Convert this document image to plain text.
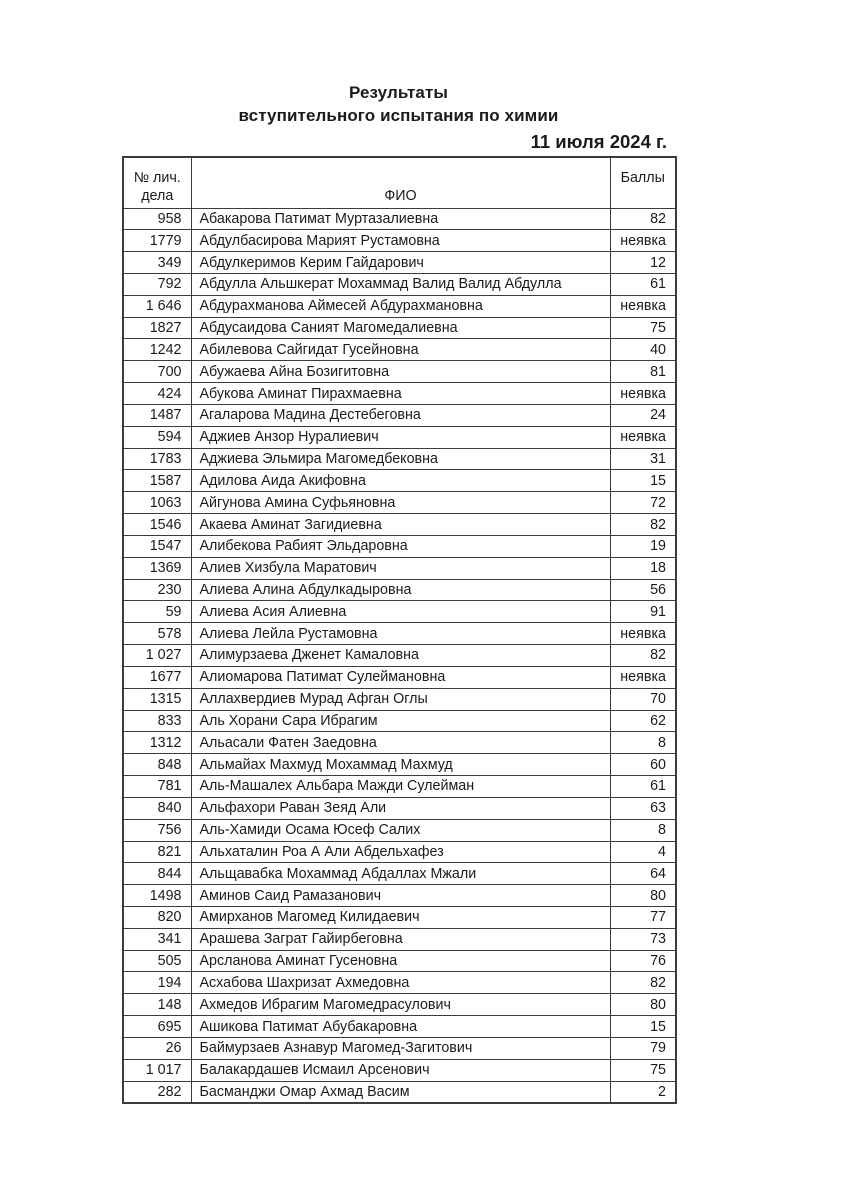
Результаты
вступительного испытания по химии
11 июля 2024 г.
№ лич.
дела	ФИО	Баллы
958	Абакарова Патимат Муртазалиевна	82
1779	Абдулбасирова Марият Рустамовна	неявка
349	Абдулкеримов Керим Гайдарович	12
792	Абдулла Альшкерат Мохаммад Валид Валид Абдулла	61
1 646	Абдурахманова Аймесей Абдурахмановна	неявка
1827	Абдусаидова Саният Магомедалиевна	75
1242	Абилевова Сайгидат Гусейновна	40
700	Абужаева Айна Бозигитовна	81
424	Абукова Аминат Пирахмаевна	неявка
1487	Агаларова Мадина Дестебеговна	24
594	Аджиев Анзор Нуралиевич	неявка
1783	Аджиева Эльмира Магомедбековна	31
1587	Адилова Аида Акифовна	15
1063	Айгунова Амина Суфьяновна	72
1546	Акаева Аминат Загидиевна	82
1547	Алибекова Рабият Эльдаровна	19
1369	Алиев Хизбула Маратович	18
230	Алиева Алина Абдулкадыровна	56
59	Алиева Асия Алиевна	91
578	Алиева Лейла Рустамовна	неявка
1 027	Алимурзаева Дженет Камаловна	82
1677	Алиомарова Патимат Сулеймановна	неявка
1315	Аллахвердиев Мурад Афган Оглы	70
833	Аль Хорани Сара Ибрагим	62
1312	Альасали Фатен Заедовна	8
848	Альмайах Махмуд Мохаммад Махмуд	60
781	Аль-Машалех Альбара Мажди Сулейман	61
840	Альфахори Раван Зеяд Али	63
756	Аль-Хамиди Осама Юсеф Салих	8
821	Альхаталин Роа А Али Абдельхафез	4
844	Альщавабка Мохаммад Абдаллах Мжали	64
1498	Аминов Саид Рамазанович	80
820	Амирханов Магомед Килидаевич	77
341	Арашева Заграт Гайирбеговна	73
505	Арсланова Аминат Гусеновна	76
194	Асхабова Шахризат Ахмедовна	82
148	Ахмедов Ибрагим Магомедрасулович	80
695	Ашикова Патимат Абубакаровна	15
26	Баймурзаев Азнавур Магомед-Загитович	79
1 017	Балакардашев Исмаил Арсенович	75
282	Басманджи Омар Ахмад Васим	2
